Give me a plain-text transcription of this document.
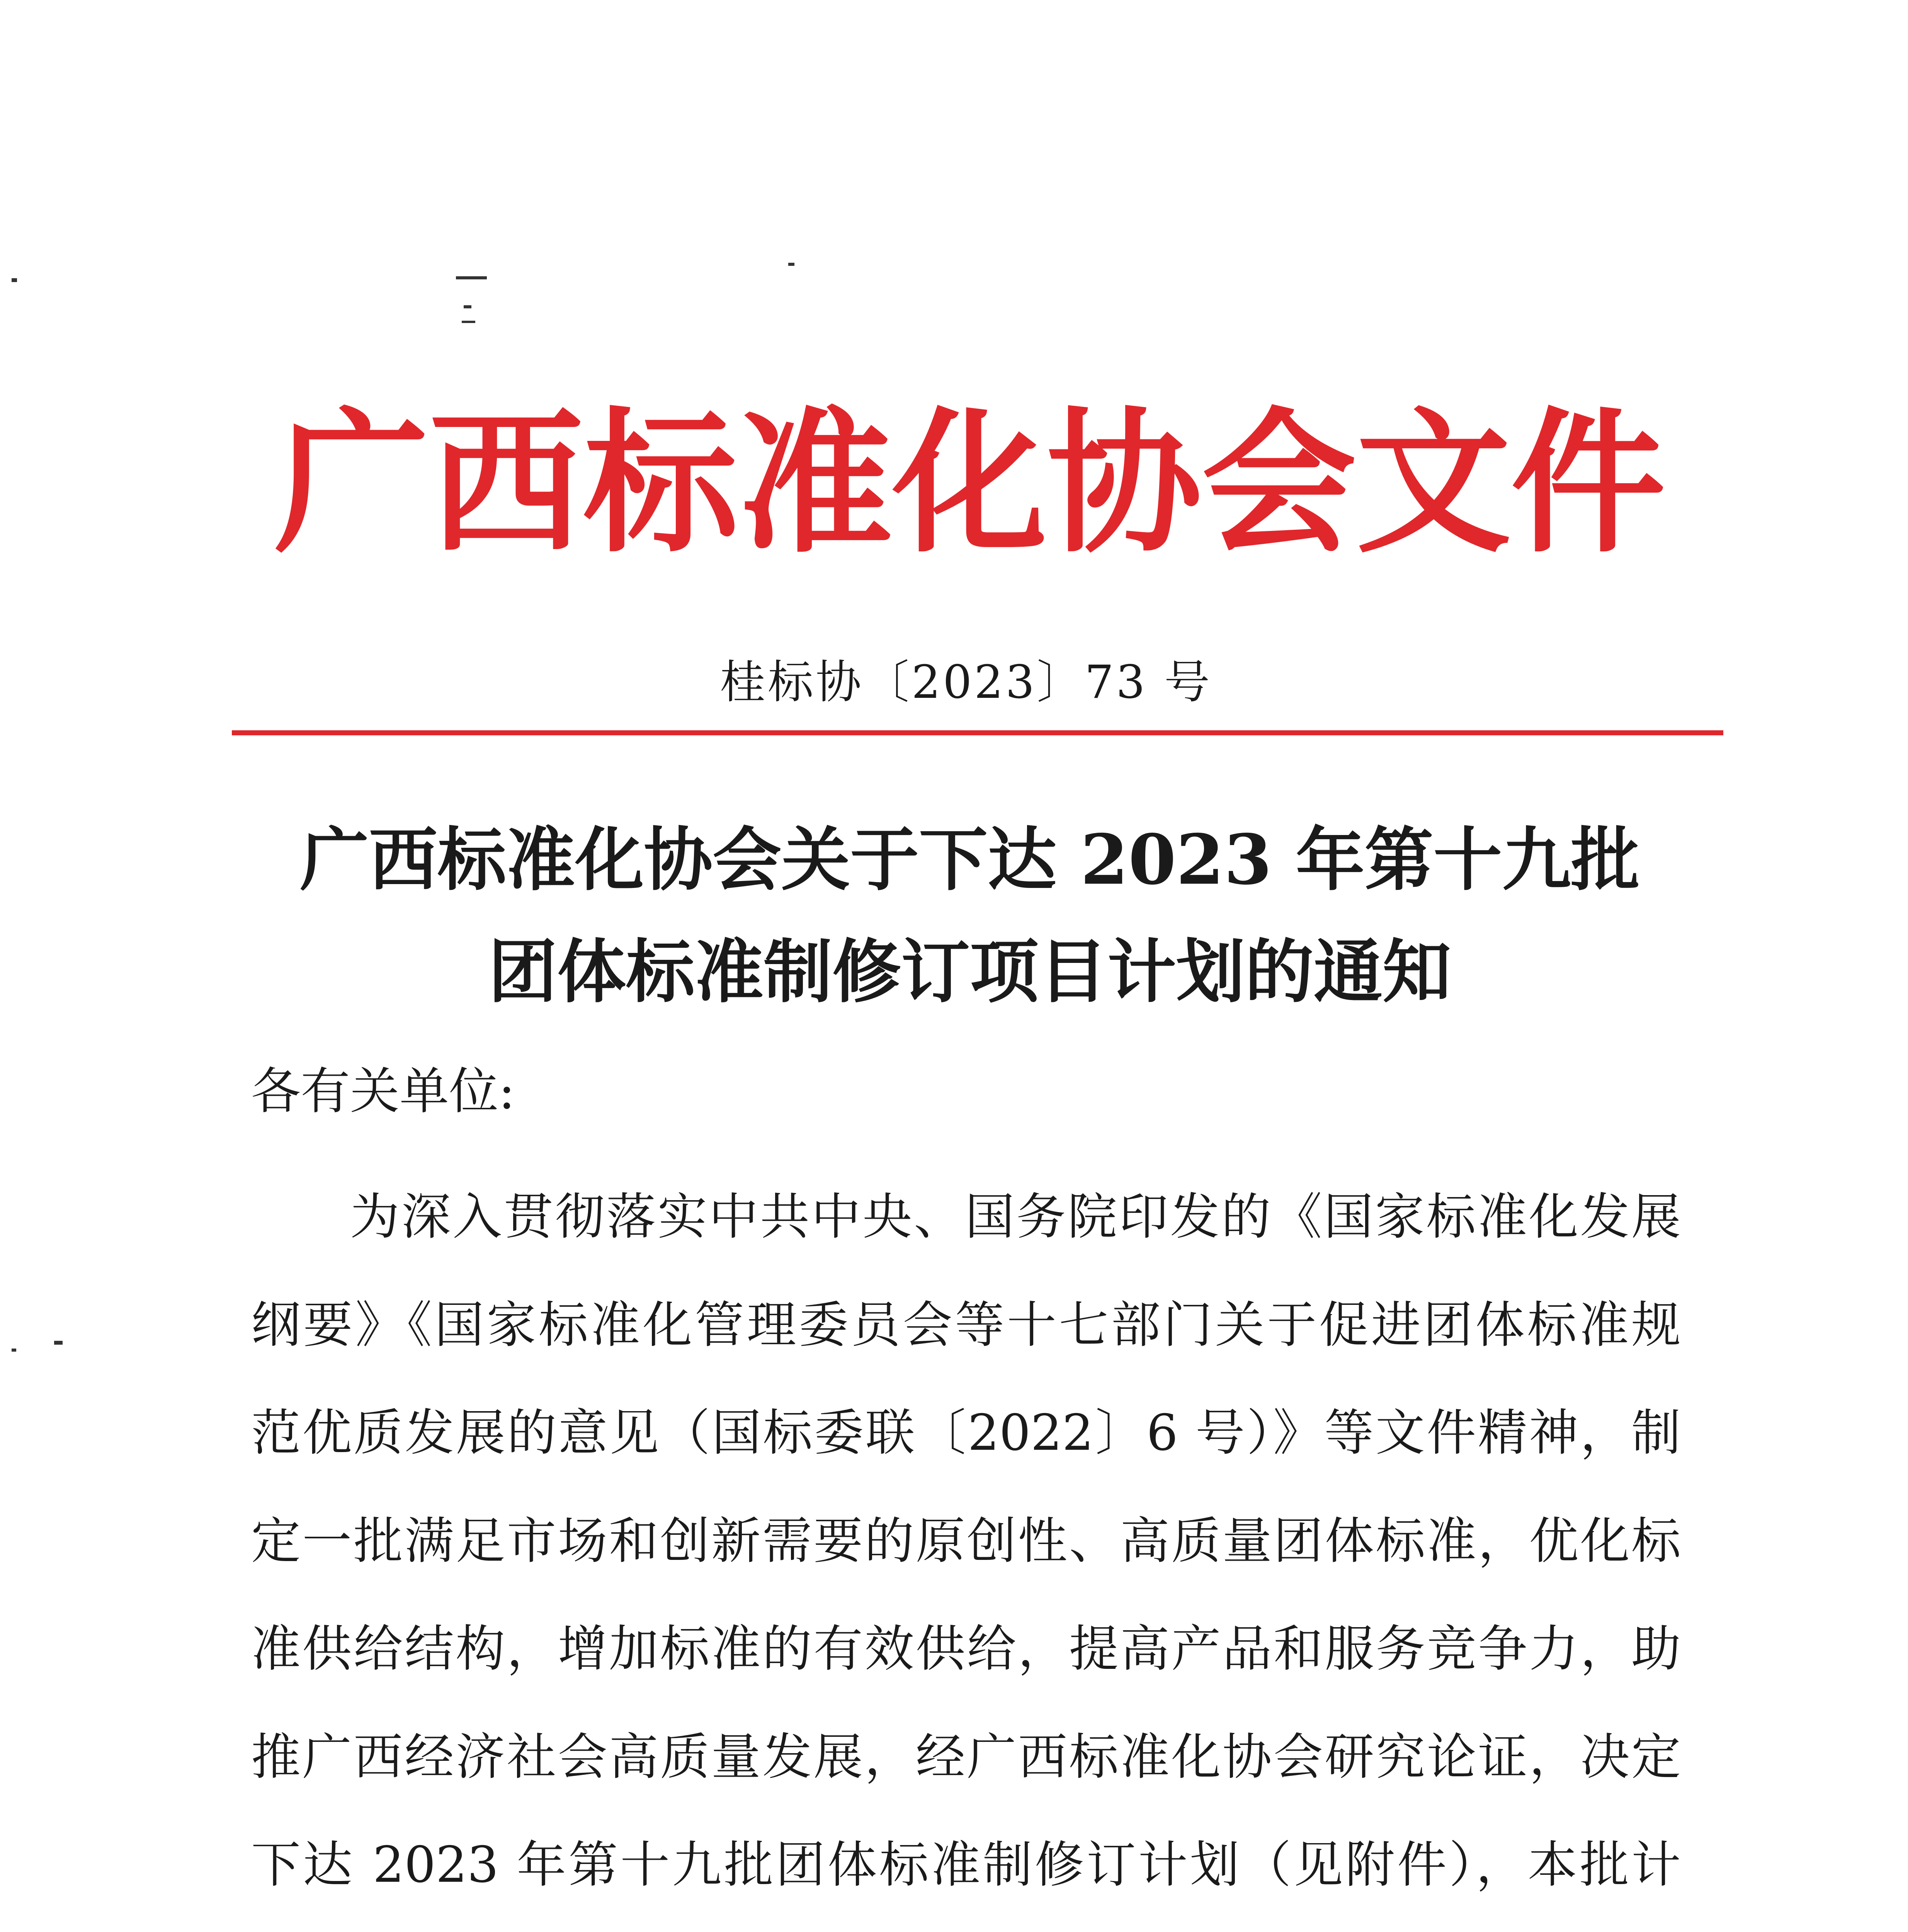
广西标准化协会文件
桂标协〔2023〕73 号
广西标准化协会关于下达 2023 年第十九批
团体标准制修订项目计划的通知
各有关单位:
为深入贯彻落实中共中央、国务院印发的《国家标准化发展
纲要》《国家标准化管理委员会等十七部门关于促进团体标准规
范优质发展的意见（国标委联〔2022〕6 号）》等文件精神，制
定一批满足市场和创新需要的原创性、高质量团体标准，优化标
准供给结构，增加标准的有效供给，提高产品和服务竞争力，助
推广西经济社会高质量发展，经广西标准化协会研究论证，决定
下达 2023 年第十九批团体标准制修订计划（见附件），本批计
